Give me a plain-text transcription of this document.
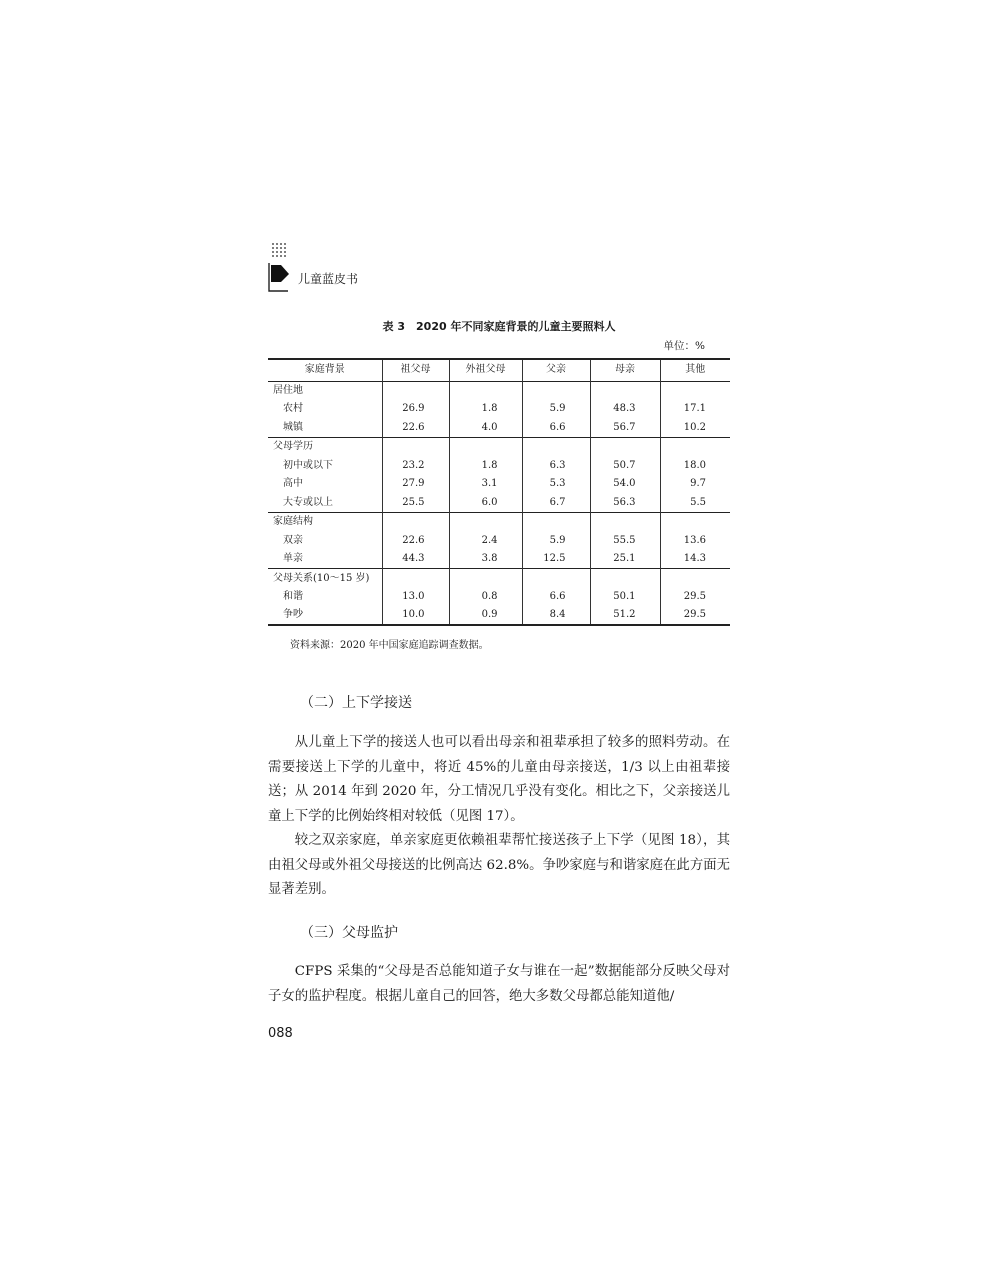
儿童蓝皮书
表 3　2020 年不同家庭背景的儿童主要照料人
单位：%
家庭背景	祖父母	外祖父母	父亲	母亲	其他
居住地					
农村	26.9	1.8	5.9	48.3	17.1
城镇	22.6	4.0	6.6	56.7	10.2
父母学历					
初中或以下	23.2	1.8	6.3	50.7	18.0
高中	27.9	3.1	5.3	54.0	9.7
大专或以上	25.5	6.0	6.7	56.3	5.5
家庭结构					
双亲	22.6	2.4	5.9	55.5	13.6
单亲	44.3	3.8	12.5	25.1	14.3
父母关系(10～15 岁)					
和谐	13.0	0.8	6.6	50.1	29.5
争吵	10.0	0.9	8.4	51.2	29.5
资料来源：2020 年中国家庭追踪调查数据。
（二）上下学接送

从儿童上下学的接送人也可以看出母亲和祖辈承担了较多的照料劳动。在需要接送上下学的儿童中，将近 45%的儿童由母亲接送，1/3 以上由祖辈接送；从 2014 年到 2020 年，分工情况几乎没有变化。相比之下，父亲接送儿童上下学的比例始终相对较低（见图 17）。

较之双亲家庭，单亲家庭更依赖祖辈帮忙接送孩子上下学（见图 18），其由祖父母或外祖父母接送的比例高达 62.8%。争吵家庭与和谐家庭在此方面无显著差别。

（三）父母监护

CFPS 采集的“父母是否总能知道子女与谁在一起”数据能部分反映父母对子女的监护程度。根据儿童自己的回答，绝大多数父母都总能知道他/

088
